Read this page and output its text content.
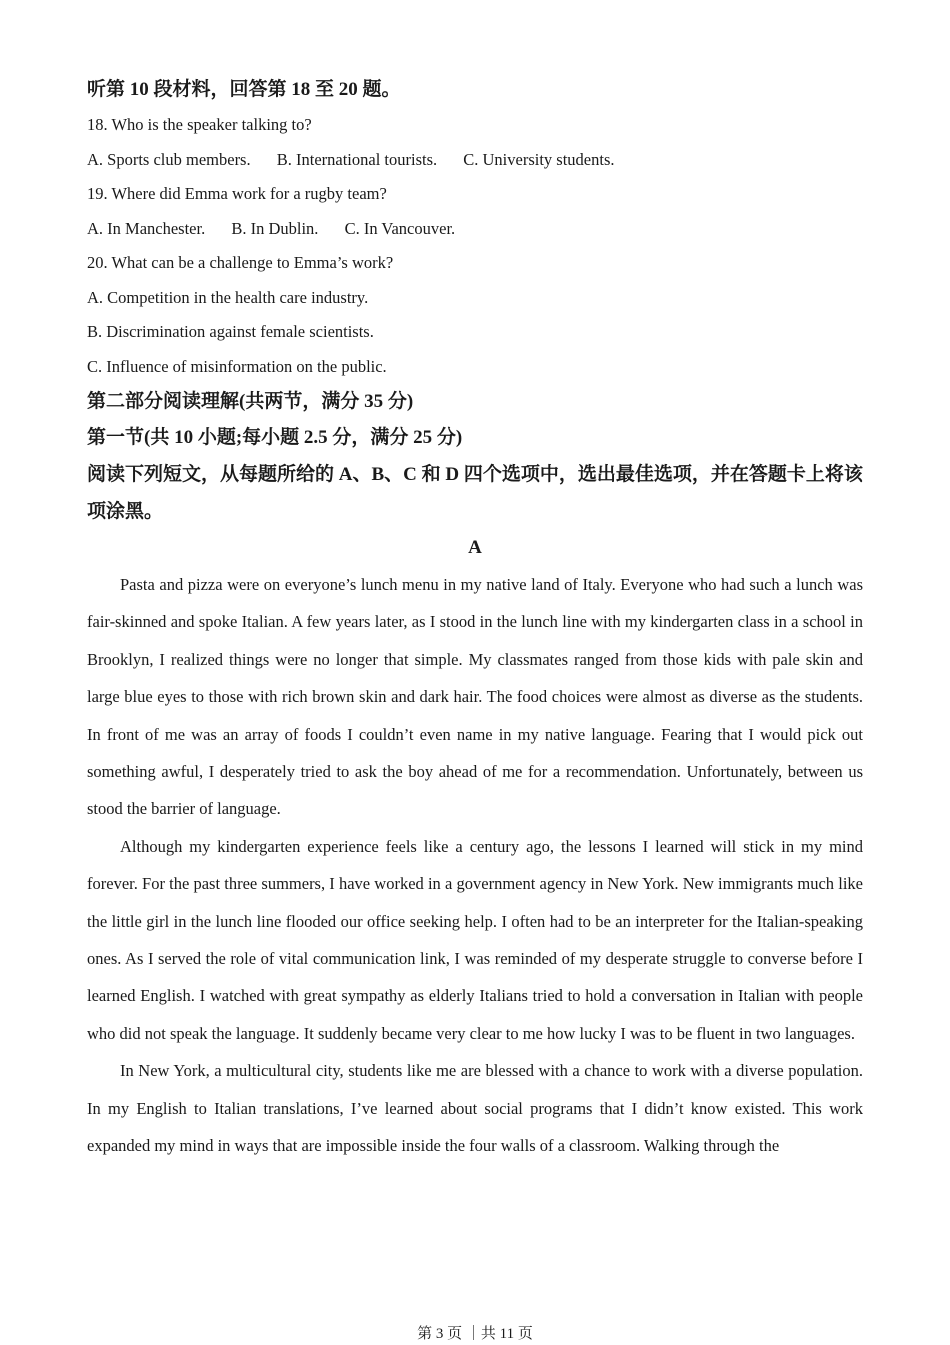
听第 10 段材料，回答第 18 至 20 题。

18. Who is the speaker talking to?

A. Sports club members. B. International tourists. C. University students.

19. Where did Emma work for a rugby team?

A. In Manchester. B. In Dublin. C. In Vancouver.

20. What can be a challenge to Emma’s work?

A. Competition in the health care industry.

B. Discrimination against female scientists.

C. Influence of misinformation on the public.

第二部分阅读理解(共两节，满分 35 分)

第一节(共 10 小题;每小题 2.5 分，满分 25 分)

阅读下列短文，从每题所给的 A、B、C 和 D 四个选项中，选出最佳选项，并在答题卡上将该项涂黑。

A

Pasta and pizza were on everyone’s lunch menu in my native land of Italy. Everyone who had such a lunch was fair-skinned and spoke Italian. A few years later, as I stood in the lunch line with my kindergarten class in a school in Brooklyn, I realized things were no longer that simple. My classmates ranged from those kids with pale skin and large blue eyes to those with rich brown skin and dark hair. The food choices were almost as diverse as the students. In front of me was an array of foods I couldn’t even name in my native language. Fearing that I would pick out something awful, I desperately tried to ask the boy ahead of me for a recommendation. Unfortunately, between us stood the barrier of language.

Although my kindergarten experience feels like a century ago, the lessons I learned will stick in my mind forever. For the past three summers, I have worked in a government agency in New York. New immigrants much like the little girl in the lunch line flooded our office seeking help. I often had to be an interpreter for the Italian-speaking ones. As I served the role of vital communication link, I was reminded of my desperate struggle to converse before I learned English. I watched with great sympathy as elderly Italians tried to hold a conversation in Italian with people who did not speak the language. It suddenly became very clear to me how lucky I was to be fluent in two languages.

In New York, a multicultural city, students like me are blessed with a chance to work with a diverse population. In my English to Italian translations, I’ve learned about social programs that I didn’t know existed. This work expanded my mind in ways that are impossible inside the four walls of a classroom. Walking through the

第 3 页 ｜共 11 页
